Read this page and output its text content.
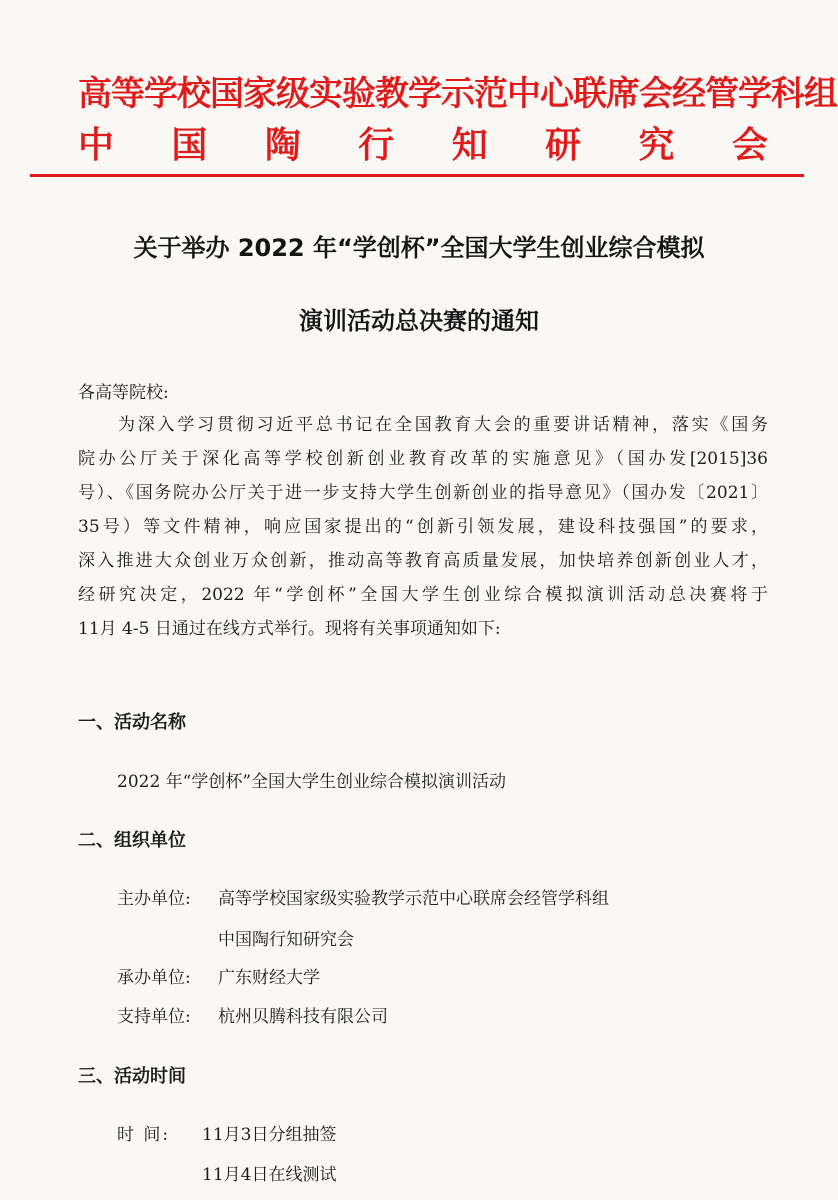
高等学校国家级实验教学示范中心联席会经管学科组
中 国 陶 行 知 研 究 会
关于举办 2022 年“学创杯”全国大学生创业综合模拟
演训活动总决赛的通知
各高等院校:
为深入学习贯彻习近平总书记在全国教育大会的重要讲话精神，落实《国务
院办公厅关于深化高等学校创新创业教育改革的实施意见》（国办发[2015]36
号）、《国务院办公厅关于进一步支持大学生创新创业的指导意见》（国办发〔2021〕
35号）等文件精神，响应国家提出的“创新引领发展，建设科技强国”的要求，
深入推进大众创业万众创新，推动高等教育高质量发展，加快培养创新创业人才，
经研究决定，2022 年“学创杯”全国大学生创业综合模拟演训活动总决赛将于
11月 4-5 日通过在线方式举行。现将有关事项通知如下:
一、活动名称
2022 年“学创杯”全国大学生创业综合模拟演训活动
二、组织单位
主办单位: 高等学校国家级实验教学示范中心联席会经管学科组
中国陶行知研究会
承办单位: 广东财经大学
支持单位: 杭州贝腾科技有限公司
三、活动时间
时 间: 11月3日分组抽签
11月4日在线测试
